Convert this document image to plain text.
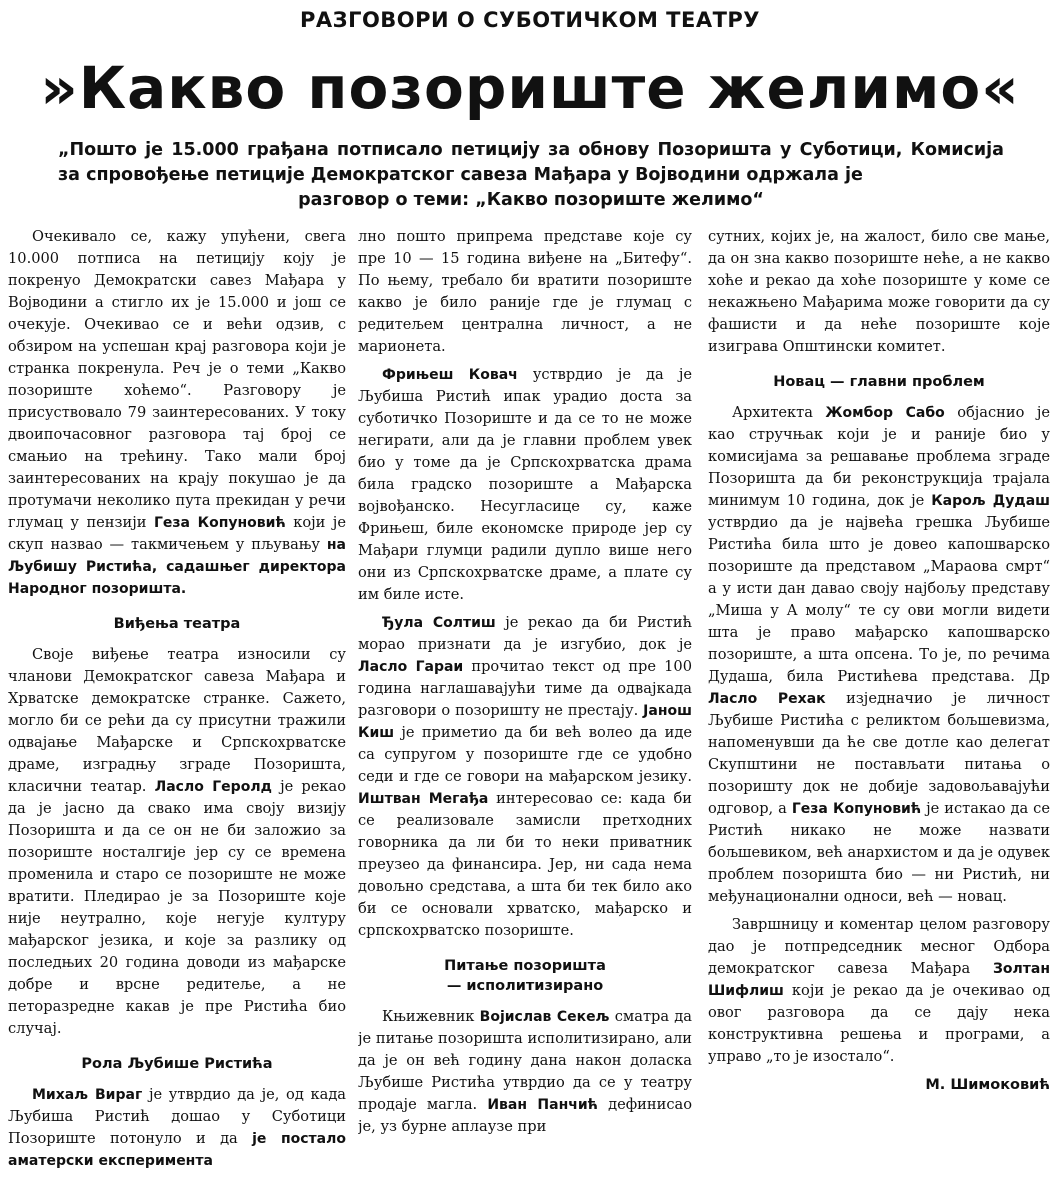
РАЗГОВОРИ О СУБОТИЧКОМ ТЕАТРУ
»Какво позориште желимо«
„Пошто је 15.000 грађана потписало петицију за обнову Позоришта у Суботици, Комисија за спровођење петиције Демократског савеза Мађара у Војводини одржала је
разговор о теми: „Какво позориште желимо“

Очекивало се, кажу упућени, свега 10.000 потписа на петицију коју је покренуо Демократски савез Мађара у Војводини а стигло их је 15.000 и још се очекује. Очекивао се и већи одзив, с обзиром на успешан крај разговора који је странка покренула. Реч је о теми „Какво позориште хоћемо“. Разговору је присуствовало 79 заинтересованих. У току двоипочасовног разговора тај број се смањио на трећину. Тако мали број заинтересованих на крају покушао је да протумачи неколико пута прекидан у речи глумац у пензији Геза Копуновић који је скуп назвао — такмичењем у пљувању на Љубишу Ристића, садашњег директора Народног позоришта.

Виђења театра

Своје виђење театра износили су чланови Демократског савеза Мађара и Хрватске демократске странке. Сажето, могло би се рећи да су присутни тражили одвајање Мађарске и Српскохрватске драме, изградњу зграде Позоришта, класични театар. Ласло Геролд је рекао да је јасно да свако има своју визију Позоришта и да се он не би заложио за позориште носталгије јер су се времена променила и старо се позориште не може вратити. Пледирао је за Позориште које није неутрално, које негује културу мађарског језика, и које за разлику од последњих 20 година доводи из мађарске добре и врсне редитеље, а не петоразредне какав је пре Ристића био случај.

Рола Љубише Ристића

Михаљ Вираг је утврдио да је, од када Љубиша Ристић дошао у Суботици Позориште потонуло и да је постало аматерски експеримента

лно пошто припрема представе које су пре 10 — 15 година виђене на „Битефу“. По њему, требало би вратити позориште какво је било раније где је глумац с редитељем централна личност, а не марионета.

Фрињеш Ковач устврдио је да је Љубиша Ристић ипак урадио доста за суботичко Позориште и да се то не може негирати, али да је главни проблем увек био у томе да је Српскохрватска драма била градско позориште а Мађарска војвођанско. Несугласице су, каже Фрињеш, биле економске природе јер су Мађари глумци радили дупло више него они из Српскохрватске драме, а плате су им биле исте.

Ђула Солтиш је рекао да би Ристић морао признати да је изгубио, док је Ласло Гараи прочитао текст од пре 100 година наглашавајући тиме да одвајкада разговори о позоришту не престају. Јанош Киш је приметио да би већ волео да иде са супругом у позориште где се удобно седи и где се говори на мађарском језику. Иштван Мегађа интересовао се: када би се реализовале замисли претходних говорника да ли би то неки приватник преузео да финансира. Јер, ни сада нема довољно средстава, а шта би тек било ако би се основали хрватско, мађарско и српскохрватско позориште.

Питање позоришта
— исполитизирано

Књижевник Војислав Секељ сматра да је питање позоришта исполитизирано, али да је он већ годину дана након доласка Љубише Ристића утврдио да се у театру продаје магла. Иван Панчић дефинисао је, уз бурне аплаузе при

сутних, којих је, на жалост, било све мање, да он зна какво позориште неће, а не какво хоће и рекао да хоће позориште у коме се некажњено Мађарима може говорити да су фашисти и да неће позориште које изиграва Општински комитет.

Новац — главни проблем

Архитекта Жомбор Сабо објаснио је као стручњак који је и раније био у комисијама за решавање проблема зграде Позоришта да би реконструкција трајала минимум 10 година, док је Карољ Дудаш устврдио да је највећа грешка Љубише Ристића била што је довео капошварско позориште да представом „Мараова смрт“ а у исти дан давао своју најбољу представу „Миша у А молу“ те су ови могли видети шта је право мађарско капошварско позориште, а шта опсена. То је, по речима Дудаша, била Ристићева представа. Др Ласло Рехак изједначио је личност Љубише Ристића с реликтом бољшевизма, напоменувши да ће све дотле као делегат Скупштини не постављати питања о позоришту док не добије задовољавајући одговор, а Геза Копуновић је истакао да се Ристић никако не може назвати бољшевиком, већ анархистом и да је одувек проблем позоришта био — ни Ристић, ни међунационални односи, већ — новац.

Завршницу и коментар целом разговору дао је потпредседник месног Одбора демократског савеза Мађара Золтан Шифлиш који је рекао да је очекивао од овог разговора да се дају нека конструктивна решења и програми, а управо „то је изостало“.

М. Шимоковић
